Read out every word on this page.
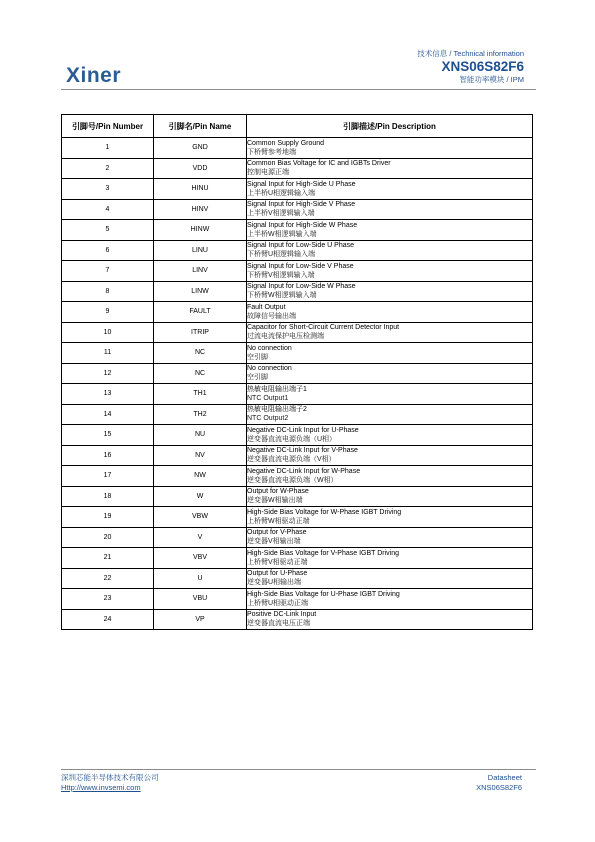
Xiner
技术信息 / Technical information
XNS06S82F6
智能功率模块 / IPM
引脚号/Pin Number	引脚名/Pin Name	引脚描述/Pin Description
1	GND	Common Supply Ground
下桥臂参考地端

2	VDD	Common Bias Voltage for IC and IGBTs Driver
控制电源正端

3	HINU	Signal Input for High-Side U Phase
上半桥U相逻辑输入端

4	HINV	Signal Input for High-Side V Phase
上半桥V相逻辑输入端

5	HINW	Signal Input for High-Side W Phase
上半桥W相逻辑输入端

6	LINU	Signal Input for Low-Side U Phase
下桥臂U相逻辑输入端

7	LINV	Signal Input for Low-Side V Phase
下桥臂V相逻辑输入端

8	LINW	Signal Input for Low-Side W Phase
下桥臂W相逻辑输入端

9	FAULT	Fault Output
故障信号输出端

10	ITRIP	Capacitor for Short-Circuit Current Detector Input
过流电流保护电压检测端

11	NC	No connection
空引脚

12	NC	No connection
空引脚

13	TH1	热敏电阻输出端子1
NTC Output1

14	TH2	热敏电阻输出端子2
NTC Output2

15	NU	Negative DC-Link Input for U-Phase
逆变器直流电源负端（U相）

16	NV	Negative DC-Link Input for V-Phase
逆变器直流电源负端（V相）

17	NW	Negative DC-Link Input for W-Phase
逆变器直流电源负端（W相）

18	W	Output for W-Phase
逆变器W相输出端

19	VBW	High-Side Bias Voltage for W-Phase IGBT Driving
上桥臂W相驱动正端

20	V	Output for V-Phase
逆变器V相输出端

21	VBV	High-Side Bias Voltage for V-Phase IGBT Driving
上桥臂V相驱动正端

22	U	Output for U-Phase
逆变器U相输出端

23	VBU	High-Side Bias Voltage for U-Phase IGBT Driving
上桥臂U相驱动正端

24	VP	Positive DC-Link Input
逆变器直流电压正端
深圳芯能半导体技术有限公司
Http://www.invsemi.com
Datasheet
XNS06S82F6
